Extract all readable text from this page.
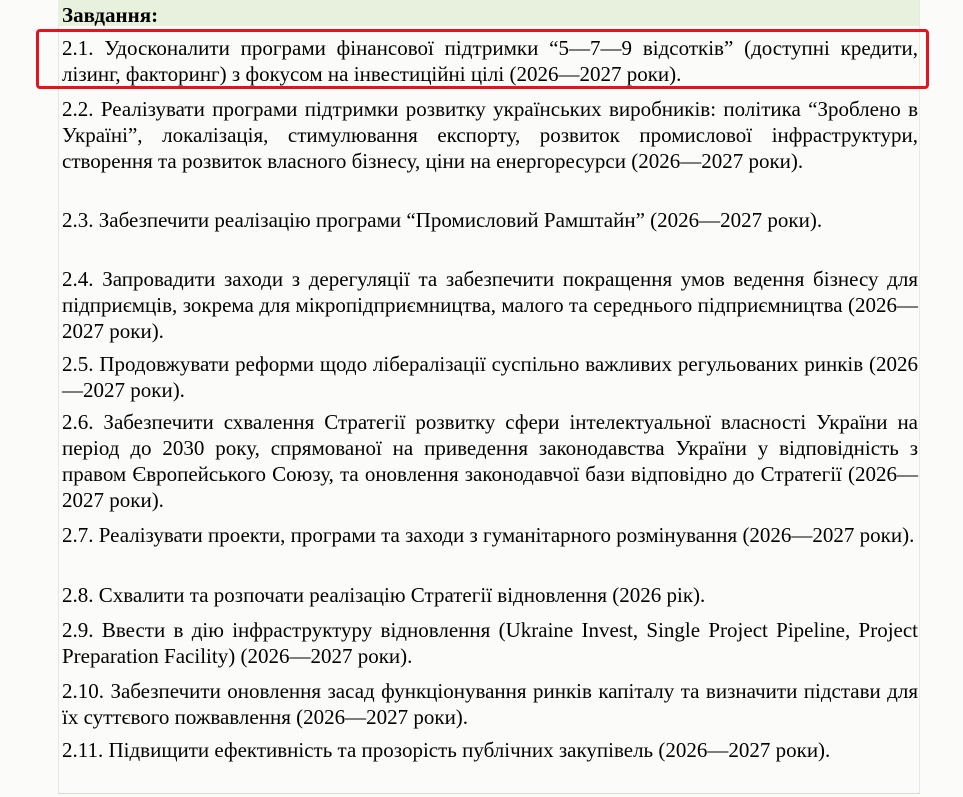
Завдання:

2.1. Удосконалити програми фінансової підтримки “5—7—9 відсотків” (доступні кредити, лізинг, факторинг) з фокусом на інвестиційні цілі (2026—2027 роки).

2.2. Реалізувати програми підтримки розвитку українських виробників: політика “Зроблено в Україні”, локалізація, стимулювання експорту, розвиток промислової інфраструктури, створення та розвиток власного бізнесу, ціни на енергоресурси (2026—2027 роки).

2.3. Забезпечити реалізацію програми “Промисловий Рамштайн” (2026—2027 роки).

2.4. Запровадити заходи з дерегуляції та забезпечити покращення умов ведення бізнесу для підприємців, зокрема для мікропідприємництва, малого та середнього підприємництва (2026—2027 роки).

2.5. Продовжувати реформи щодо лібералізації суспільно важливих регульованих ринків (2026—2027 роки).

2.6. Забезпечити схвалення Стратегії розвитку сфери інтелектуальної власності України на період до 2030 року, спрямованої на приведення законодавства України у відповідність з правом Європейського Союзу, та оновлення законодавчої бази відповідно до Стратегії (2026—2027 роки).

2.7. Реалізувати проекти, програми та заходи з гуманітарного розмінування (2026—2027 роки).

2.8. Схвалити та розпочати реалізацію Стратегії відновлення (2026 рік).

2.9. Ввести в дію інфраструктуру відновлення (Ukraine Invest, Single Project Pipeline, Project Preparation Facility) (2026—2027 роки).

2.10. Забезпечити оновлення засад функціонування ринків капіталу та визначити підстави для їх суттєвого пожвавлення (2026—2027 роки).

2.11. Підвищити ефективність та прозорість публічних закупівель (2026—2027 роки).
